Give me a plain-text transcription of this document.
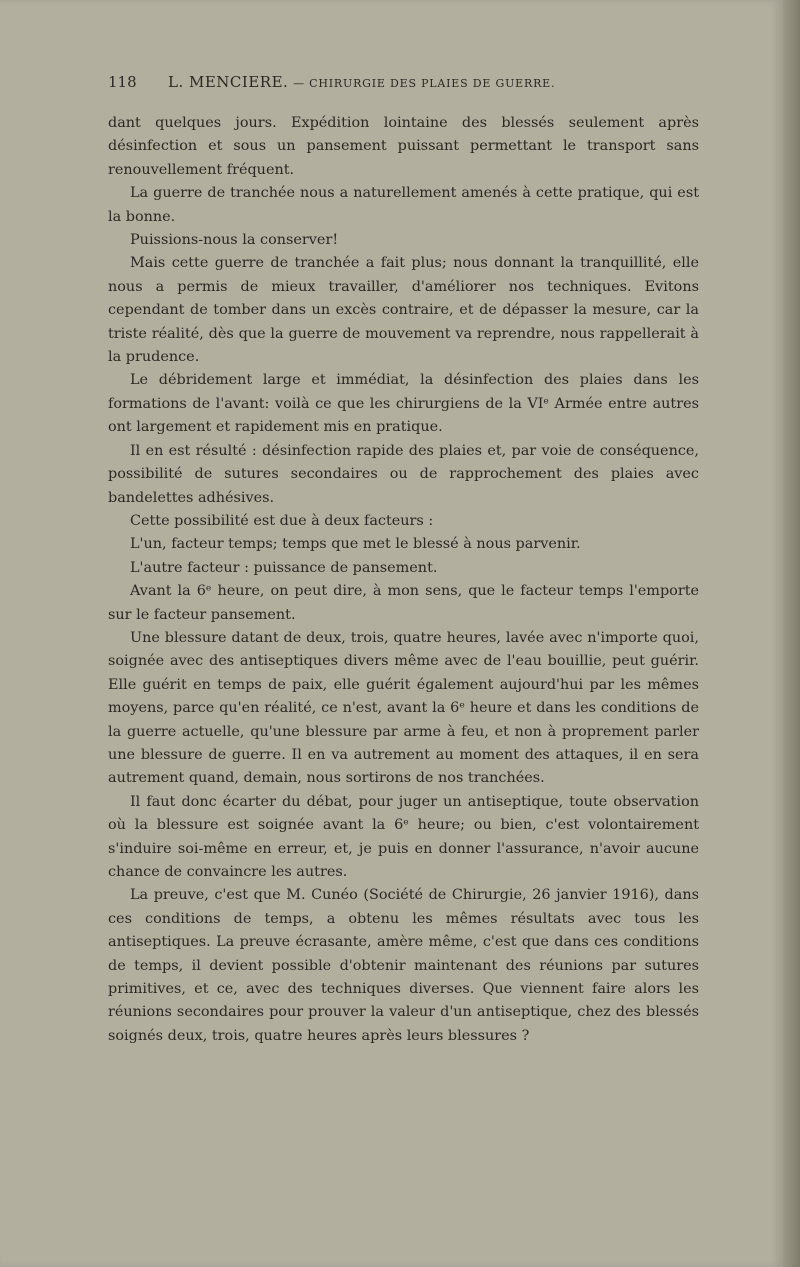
118 L. MENCIERE. — CHIRURGIE DES PLAIES DE GUERRE.

dant quelques jours. Expédition lointaine des blessés seulement après désinfection et sous un pansement puissant permettant le transport sans renouvellement fréquent.

La guerre de tranchée nous a naturellement amenés à cette pratique, qui est la bonne.

Puissions-nous la conserver!

Mais cette guerre de tranchée a fait plus; nous donnant la tranquillité, elle nous a permis de mieux travailler, d'améliorer nos techniques. Evitons cependant de tomber dans un excès contraire, et de dépasser la mesure, car la triste réalité, dès que la guerre de mouvement va reprendre, nous rappellerait à la prudence.

Le débridement large et immédiat, la désinfection des plaies dans les formations de l'avant: voilà ce que les chirurgiens de la VIᵉ Armée entre autres ont largement et rapidement mis en pratique.

Il en est résulté : désinfection rapide des plaies et, par voie de conséquence, possibilité de sutures secondaires ou de rapprochement des plaies avec bandelettes adhésives.

Cette possibilité est due à deux facteurs :

L'un, facteur temps; temps que met le blessé à nous parvenir.

L'autre facteur : puissance de pansement.

Avant la 6ᵉ heure, on peut dire, à mon sens, que le facteur temps l'emporte sur le facteur pansement.

Une blessure datant de deux, trois, quatre heures, lavée avec n'importe quoi, soignée avec des antiseptiques divers même avec de l'eau bouillie, peut guérir. Elle guérit en temps de paix, elle guérit également aujourd'hui par les mêmes moyens, parce qu'en réalité, ce n'est, avant la 6ᵉ heure et dans les conditions de la guerre actuelle, qu'une blessure par arme à feu, et non à proprement parler une blessure de guerre. Il en va autrement au moment des attaques, il en sera autrement quand, demain, nous sortirons de nos tranchées.

Il faut donc écarter du débat, pour juger un antiseptique, toute observation où la blessure est soignée avant la 6ᵉ heure; ou bien, c'est volontairement s'induire soi-même en erreur, et, je puis en donner l'assurance, n'avoir aucune chance de convaincre les autres.

La preuve, c'est que M. Cunéo (Société de Chirurgie, 26 janvier 1916), dans ces conditions de temps, a obtenu les mêmes résultats avec tous les antiseptiques. La preuve écrasante, amère même, c'est que dans ces conditions de temps, il devient possible d'obtenir maintenant des réunions par sutures primitives, et ce, avec des techniques diverses. Que viennent faire alors les réunions secondaires pour prouver la valeur d'un antiseptique, chez des blessés soignés deux, trois, quatre heures après leurs blessures ?
